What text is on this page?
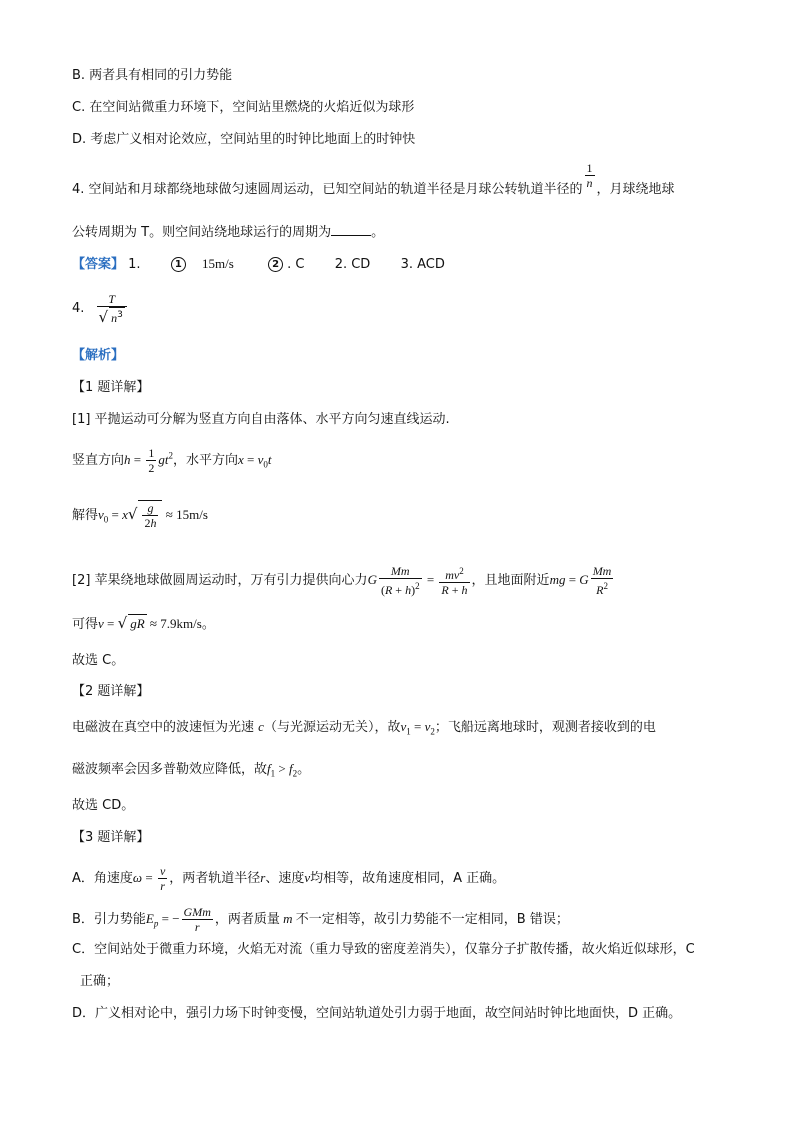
B. 两者具有相同的引力势能
C. 在空间站微重力环境下，空间站里燃烧的火焰近似为球形
D. 考虑广义相对论效应，空间站里的时钟比地面上的时钟快
4. 空间站和月球都绕地球做匀速圆周运动，已知空间站的轨道半径是月球公转轨道半径的 $\frac{1}{n}$ ，月球绕地球
公转周期为 T。则空间站绕地球运行的周期为	。
【答案】 1.	1 15m/s	2 . C 2. CD 3. ACD
4. $\frac{T}{√ n^3}$
【解析】
【1 题详解】
[1] 平抛运动可分解为竖直方向自由落体、水平方向匀速直线运动.
竖直方向$h = \frac{1}{2} gt^2$，水平方向$x = v_0t$
解得$v_0 = x√ \frac{g}{2h} \approx 15m/s$
[2] 苹果绕地球做圆周运动时，万有引力提供向心力G $\frac{Mm}{(R + h)^2} = \frac{mv^2}{R + h}$ ，且地面附近mg = G $\frac{Mm}{R^2}$
可得v = √ gR ≈ 7.9km/s。
故选 C。
【2 题详解】
电磁波在真空中的波速恒为光速 c（与光源运动无关），故$v_1 = v_2$；飞船远离地球时，观测者接收到的电
磁波频率会因多普勒效应降低，故$f_1 > f_2$。
故选 CD。
【3 题详解】
A．角速度$\omega = \frac{v}{r}$ ，两者轨道半径r、速度v均相等，故角速度相同，A 正确。
B．引力势能$E_p$ = − $\frac{\text{GMm}}{r}$ ，两者质量 m 不一定相等，故引力势能不一定相同，B 错误；
C．空间站处于微重力环境，火焰无对流（重力导致的密度差消失），仅靠分子扩散传播，故火焰近似球形，C
正确；
D．广义相对论中，强引力场下时钟变慢，空间站轨道处引力弱于地面，故空间站时钟比地面快，D 正确。
